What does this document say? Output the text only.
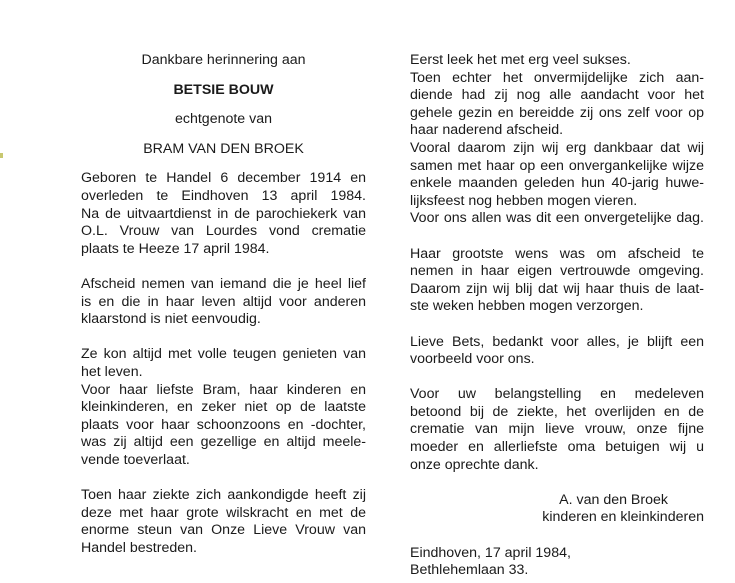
Dankbare herinnering aan
BETSIE BOUW
echtgenote van
BRAM VAN DEN BROEK
Geboren te Handel 6 december 1914 en
overleden te Eindhoven 13 april 1984.
Na de uitvaartdienst in de parochiekerk van
O.L. Vrouw van Lourdes vond crematie
plaats te Heeze 17 april 1984.
Afscheid nemen van iemand die je heel lief
is en die in haar leven altijd voor anderen
klaarstond is niet eenvoudig.
Ze kon altijd met volle teugen genieten van
het leven.
Voor haar liefste Bram, haar kinderen en
kleinkinderen, en zeker niet op de laatste
plaats voor haar schoonzoons en -dochter,
was zij altijd een gezellige en altijd meele-
vende toeverlaat.
Toen haar ziekte zich aankondigde heeft zij
deze met haar grote wilskracht en met de
enorme steun van Onze Lieve Vrouw van
Handel bestreden.
Eerst leek het met erg veel sukses.
Toen echter het onvermijdelijke zich aan-
diende had zij nog alle aandacht voor het
gehele gezin en bereidde zij ons zelf voor op
haar naderend afscheid.
Vooral daarom zijn wij erg dankbaar dat wij
samen met haar op een onvergankelijke wijze
enkele maanden geleden hun 40-jarig huwe-
lijksfeest nog hebben mogen vieren.
Voor ons allen was dit een onvergetelijke dag.
Haar grootste wens was om afscheid te
nemen in haar eigen vertrouwde omgeving.
Daarom zijn wij blij dat wij haar thuis de laat-
ste weken hebben mogen verzorgen.
Lieve Bets, bedankt voor alles, je blijft een
voorbeeld voor ons.
Voor uw belangstelling en medeleven
betoond bij de ziekte, het overlijden en de
crematie van mijn lieve vrouw, onze fijne
moeder en allerliefste oma betuigen wij u
onze oprechte dank.
A. van den Broek
kinderen en kleinkinderen
Eindhoven, 17 april 1984,
Bethlehemlaan 33.
